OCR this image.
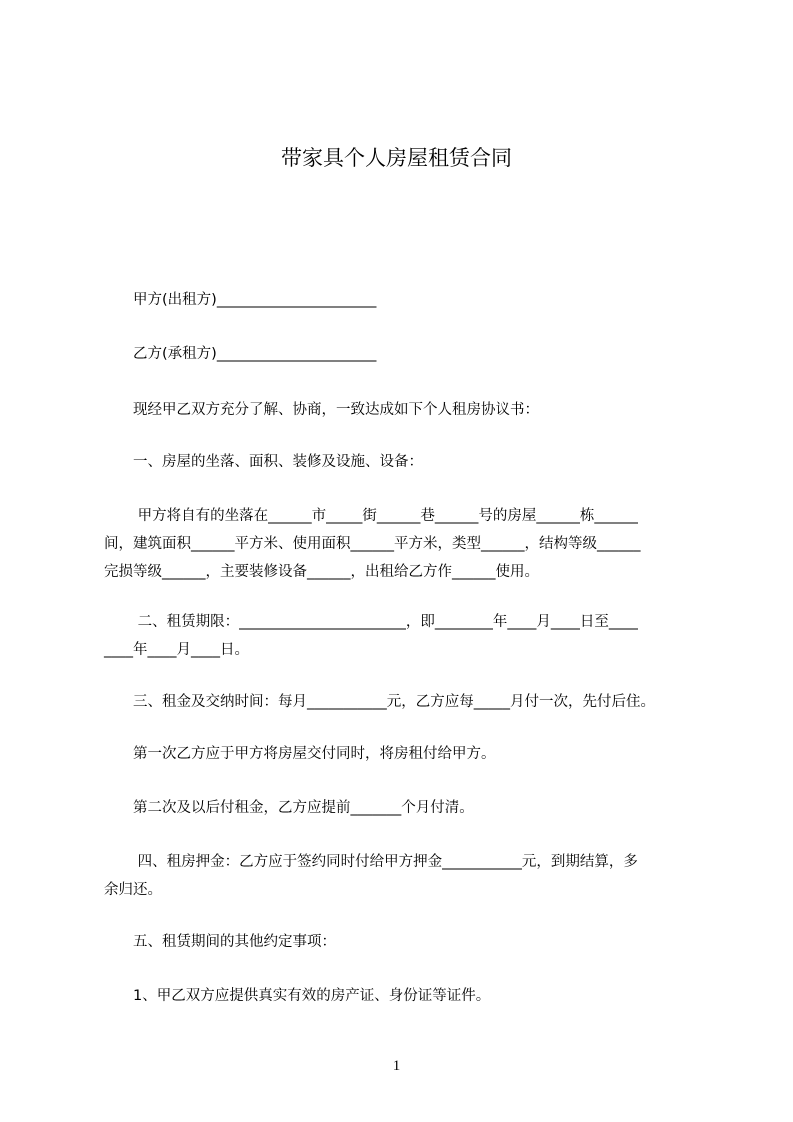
带家具个人房屋租赁合同
　　甲方(出租方)______________________
　　乙方(承租方)______________________
　　现经甲乙双方充分了解、协商，一致达成如下个人租房协议书：
　　一、房屋的坐落、面积、装修及设施、设备：
　　 甲方将自有的坐落在______市_____街______巷______号的房屋______栋______
间，建筑面积______平方米、使用面积______平方米，类型______，结构等级______
完损等级______，主要装修设备______，出租给乙方作______使用。
　　 二、租赁期限：_______________________，即________年____月____日至____
____年____月____日。
　　三、租金及交纳时间：每月___________元，乙方应每_____月付一次，先付后住。
　　第一次乙方应于甲方将房屋交付同时，将房租付给甲方。
　　第二次及以后付租金，乙方应提前_______个月付清。
　　 四、租房押金：乙方应于签约同时付给甲方押金___________元，到期结算，多
余归还。
　　五、租赁期间的其他约定事项：
　　1、甲乙双方应提供真实有效的房产证、身份证等证件。
1
